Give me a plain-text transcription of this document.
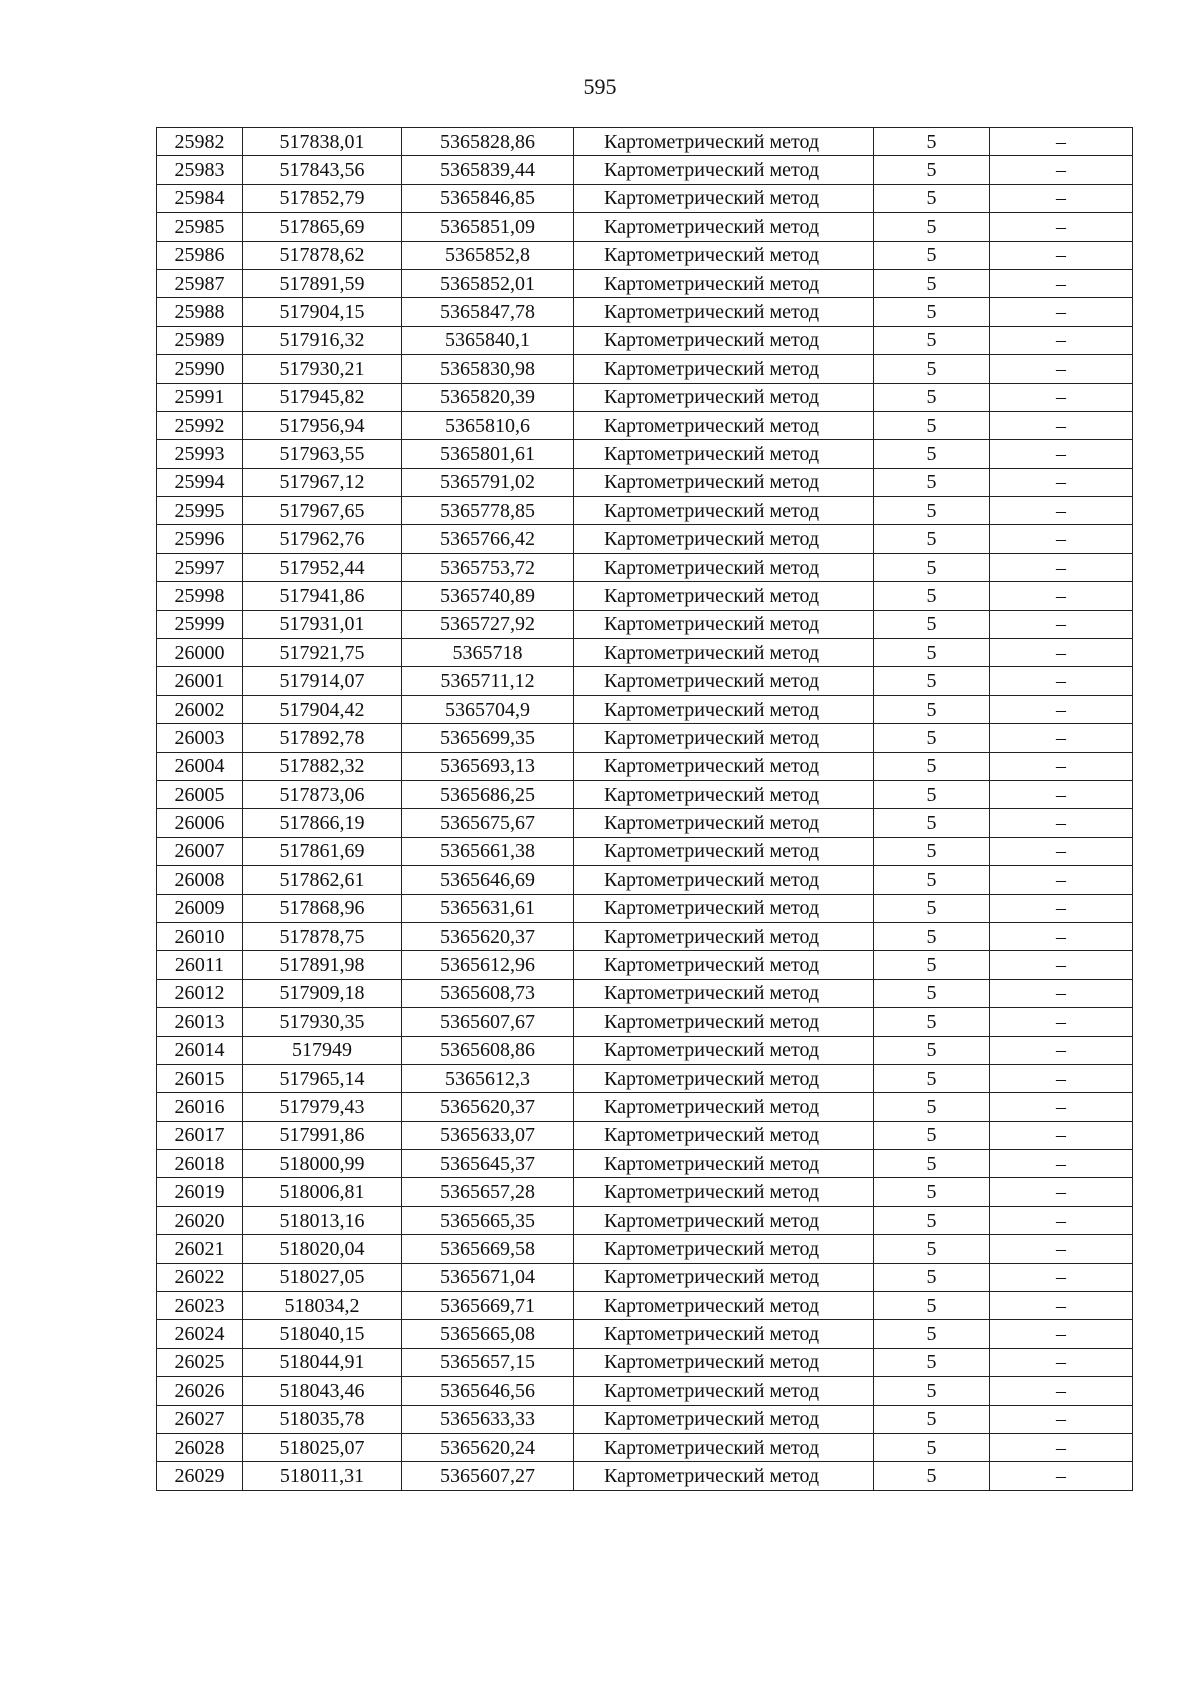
595
25982	517838,01	5365828,86	Картометрический метод	5	–
25983	517843,56	5365839,44	Картометрический метод	5	–
25984	517852,79	5365846,85	Картометрический метод	5	–
25985	517865,69	5365851,09	Картометрический метод	5	–
25986	517878,62	5365852,8	Картометрический метод	5	–
25987	517891,59	5365852,01	Картометрический метод	5	–
25988	517904,15	5365847,78	Картометрический метод	5	–
25989	517916,32	5365840,1	Картометрический метод	5	–
25990	517930,21	5365830,98	Картометрический метод	5	–
25991	517945,82	5365820,39	Картометрический метод	5	–
25992	517956,94	5365810,6	Картометрический метод	5	–
25993	517963,55	5365801,61	Картометрический метод	5	–
25994	517967,12	5365791,02	Картометрический метод	5	–
25995	517967,65	5365778,85	Картометрический метод	5	–
25996	517962,76	5365766,42	Картометрический метод	5	–
25997	517952,44	5365753,72	Картометрический метод	5	–
25998	517941,86	5365740,89	Картометрический метод	5	–
25999	517931,01	5365727,92	Картометрический метод	5	–
26000	517921,75	5365718	Картометрический метод	5	–
26001	517914,07	5365711,12	Картометрический метод	5	–
26002	517904,42	5365704,9	Картометрический метод	5	–
26003	517892,78	5365699,35	Картометрический метод	5	–
26004	517882,32	5365693,13	Картометрический метод	5	–
26005	517873,06	5365686,25	Картометрический метод	5	–
26006	517866,19	5365675,67	Картометрический метод	5	–
26007	517861,69	5365661,38	Картометрический метод	5	–
26008	517862,61	5365646,69	Картометрический метод	5	–
26009	517868,96	5365631,61	Картометрический метод	5	–
26010	517878,75	5365620,37	Картометрический метод	5	–
26011	517891,98	5365612,96	Картометрический метод	5	–
26012	517909,18	5365608,73	Картометрический метод	5	–
26013	517930,35	5365607,67	Картометрический метод	5	–
26014	517949	5365608,86	Картометрический метод	5	–
26015	517965,14	5365612,3	Картометрический метод	5	–
26016	517979,43	5365620,37	Картометрический метод	5	–
26017	517991,86	5365633,07	Картометрический метод	5	–
26018	518000,99	5365645,37	Картометрический метод	5	–
26019	518006,81	5365657,28	Картометрический метод	5	–
26020	518013,16	5365665,35	Картометрический метод	5	–
26021	518020,04	5365669,58	Картометрический метод	5	–
26022	518027,05	5365671,04	Картометрический метод	5	–
26023	518034,2	5365669,71	Картометрический метод	5	–
26024	518040,15	5365665,08	Картометрический метод	5	–
26025	518044,91	5365657,15	Картометрический метод	5	–
26026	518043,46	5365646,56	Картометрический метод	5	–
26027	518035,78	5365633,33	Картометрический метод	5	–
26028	518025,07	5365620,24	Картометрический метод	5	–
26029	518011,31	5365607,27	Картометрический метод	5	–
